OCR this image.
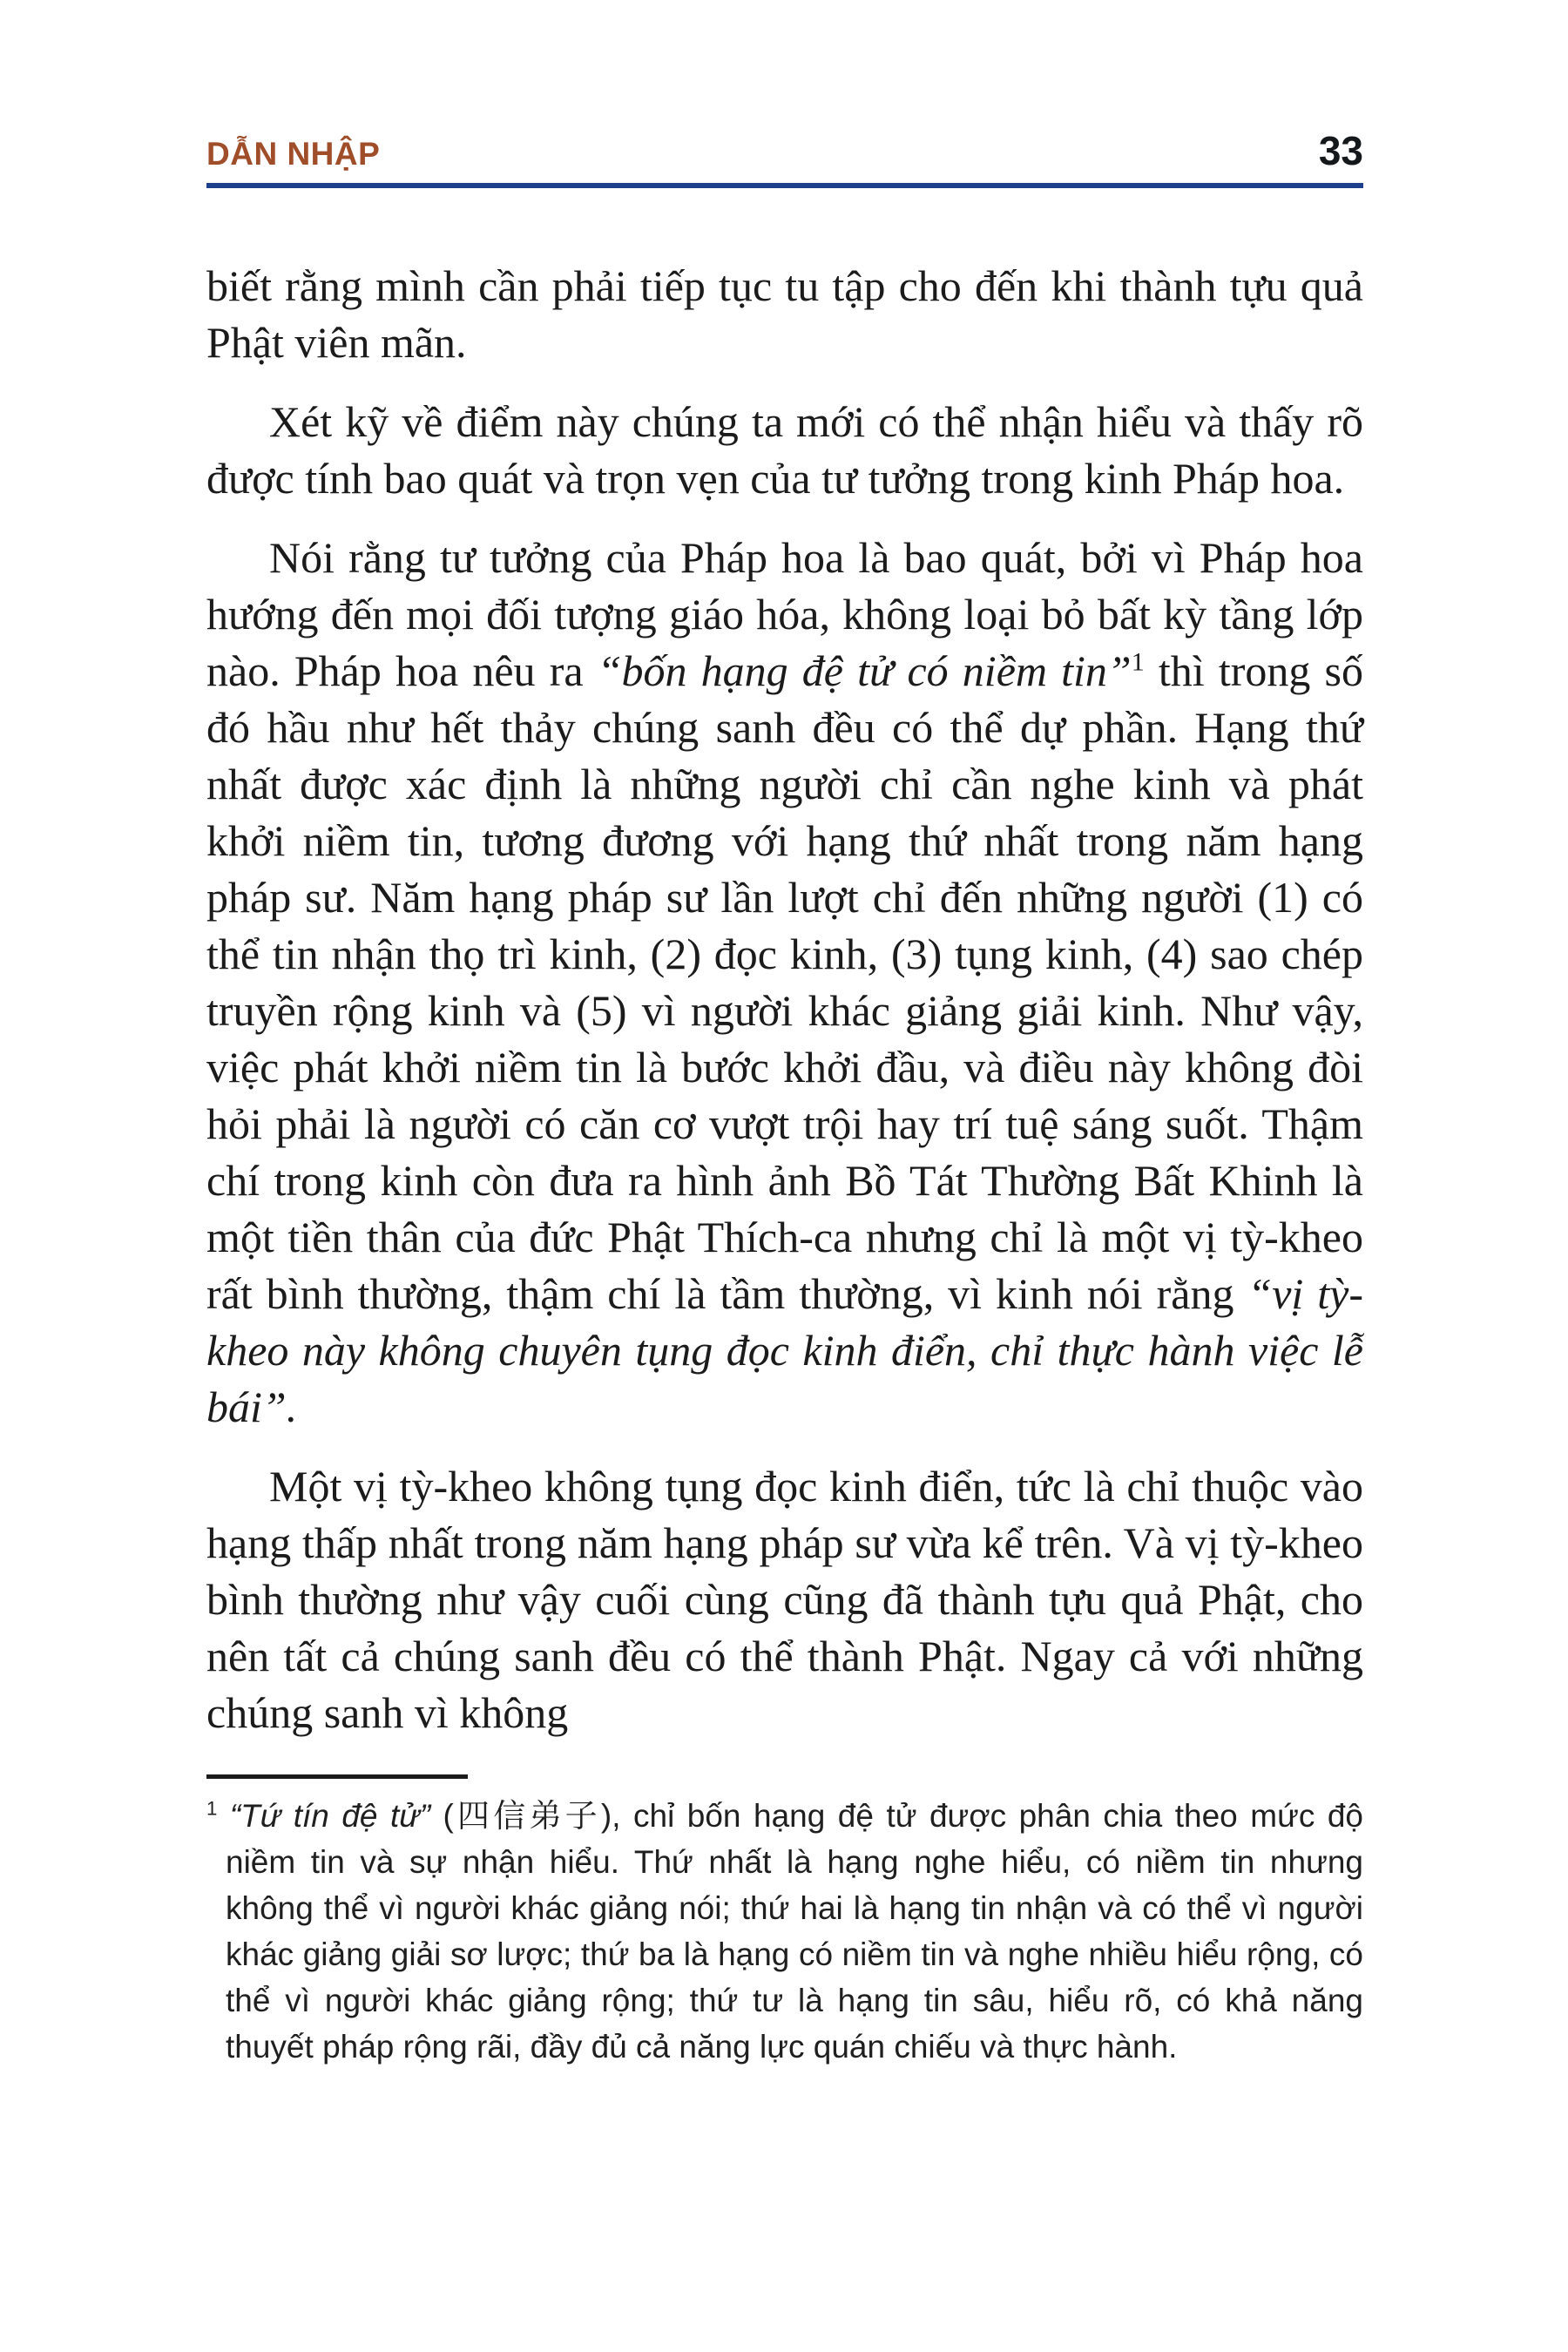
DẪN NHẬP	33

biết rằng mình cần phải tiếp tục tu tập cho đến khi thành tựu quả Phật viên mãn.

Xét kỹ về điểm này chúng ta mới có thể nhận hiểu và thấy rõ được tính bao quát và trọn vẹn của tư tưởng trong kinh Pháp hoa.

Nói rằng tư tưởng của Pháp hoa là bao quát, bởi vì Pháp hoa hướng đến mọi đối tượng giáo hóa, không loại bỏ bất kỳ tầng lớp nào. Pháp hoa nêu ra “bốn hạng đệ tử có niềm tin”$^1$ thì trong số đó hầu như hết thảy chúng sanh đều có thể dự phần. Hạng thứ nhất được xác định là những người chỉ cần nghe kinh và phát khởi niềm tin, tương đương với hạng thứ nhất trong năm hạng pháp sư. Năm hạng pháp sư lần lượt chỉ đến những người (1) có thể tin nhận thọ trì kinh, (2) đọc kinh, (3) tụng kinh, (4) sao chép truyền rộng kinh và (5) vì người khác giảng giải kinh. Như vậy, việc phát khởi niềm tin là bước khởi đầu, và điều này không đòi hỏi phải là người có căn cơ vượt trội hay trí tuệ sáng suốt. Thậm chí trong kinh còn đưa ra hình ảnh Bồ Tát Thường Bất Khinh là một tiền thân của đức Phật Thích-ca nhưng chỉ là một vị tỳ-kheo rất bình thường, thậm chí là tầm thường, vì kinh nói rằng “vị tỳ-kheo này không chuyên tụng đọc kinh điển, chỉ thực hành việc lễ bái”.

Một vị tỳ-kheo không tụng đọc kinh điển, tức là chỉ thuộc vào hạng thấp nhất trong năm hạng pháp sư vừa kể trên. Và vị tỳ-kheo bình thường như vậy cuối cùng cũng đã thành tựu quả Phật, cho nên tất cả chúng sanh đều có thể thành Phật. Ngay cả với những chúng sanh vì không

$^1$ “Tứ tín đệ tử” (四信弟子), chỉ bốn hạng đệ tử được phân chia theo mức độ niềm tin và sự nhận hiểu. Thứ nhất là hạng nghe hiểu, có niềm tin nhưng không thể vì người khác giảng nói; thứ hai là hạng tin nhận và có thể vì người khác giảng giải sơ lược; thứ ba là hạng có niềm tin và nghe nhiều hiểu rộng, có thể vì người khác giảng rộng; thứ tư là hạng tin sâu, hiểu rõ, có khả năng thuyết pháp rộng rãi, đầy đủ cả năng lực quán chiếu và thực hành.
